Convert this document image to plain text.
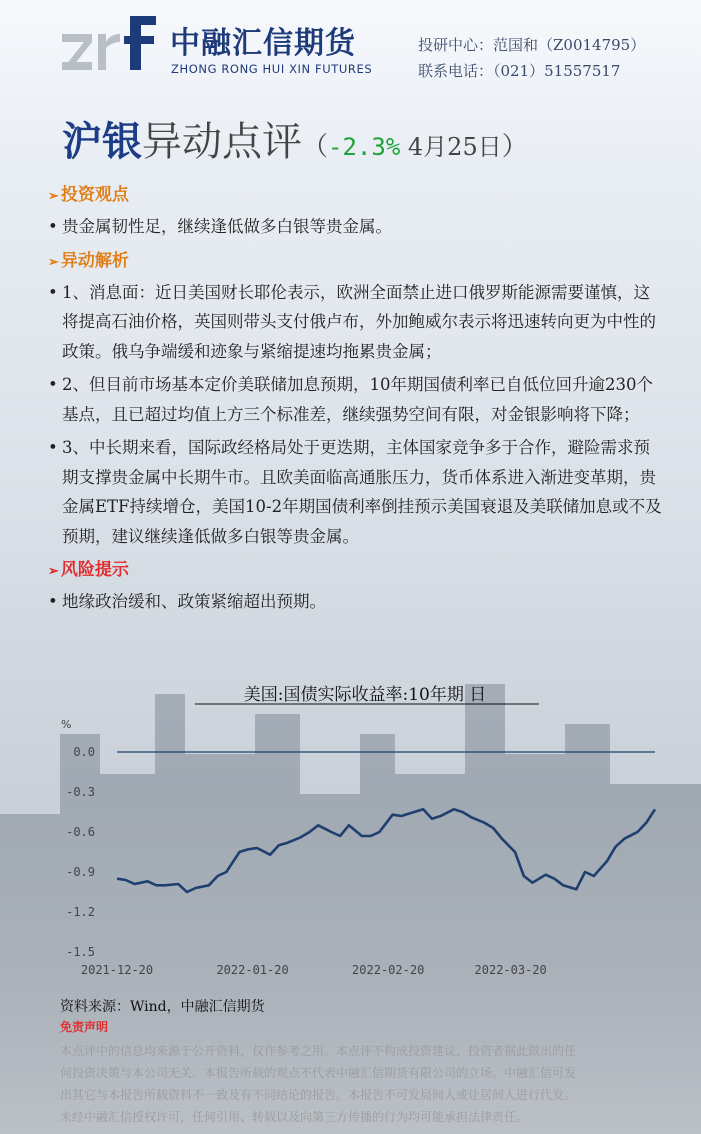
中融汇信期货
ZHONG RONG HUI XIN FUTURES
投研中心：范国和（Z0014795）
联系电话：（021）51557517
沪银异动点评（-2.3% 4月25日）
➢ 投资观点
• 贵金属韧性足，继续逢低做多白银等贵金属。
➢ 异动解析
• 1、消息面：近日美国财长耶伦表示，欧洲全面禁止进口俄罗斯能源需要谨慎，这将提高石油价格，英国则带头支付俄卢布，外加鲍威尔表示将迅速转向更为中性的政策。俄乌争端缓和迹象与紧缩提速均拖累贵金属；
• 2、但目前市场基本定价美联储加息预期，10年期国债利率已自低位回升逾230个基点，且已超过均值上方三个标准差，继续强势空间有限，对金银影响将下降；
• 3、中长期来看，国际政经格局处于更迭期，主体国家竞争多于合作，避险需求预期支撑贵金属中长期牛市。且欧美面临高通胀压力，货币体系进入渐进变革期，贵金属ETF持续增仓，美国10-2年期国债利率倒挂预示美国衰退及美联储加息或不及预期，建议继续逢低做多白银等贵金属。
➢ 风险提示
• 地缘政治缓和、政策紧缩超出预期。
美国:国债实际收益率:10年期 日
%
0.0
-0.3
-0.6
-0.9
-1.2
-1.5
2021-12-20	2022-01-20	2022-02-20	2022-03-20
资料来源：Wind，中融汇信期货
免责声明
本点评中的信息均来源于公开资料，仅作参考之用。本点评不构成投资建议，投资者据此做出的任
何投资决策与本公司无关。本报告所载的观点不代表中融汇信期货有限公司的立场。中融汇信可发
出其它与本报告所载资料不一致及有不同结论的报告。本报告不可发局间人或让居间人进行代发。
未经中融汇信授权许可，任何引用、转载以及向第三方传播的行为均可能承担法律责任。
